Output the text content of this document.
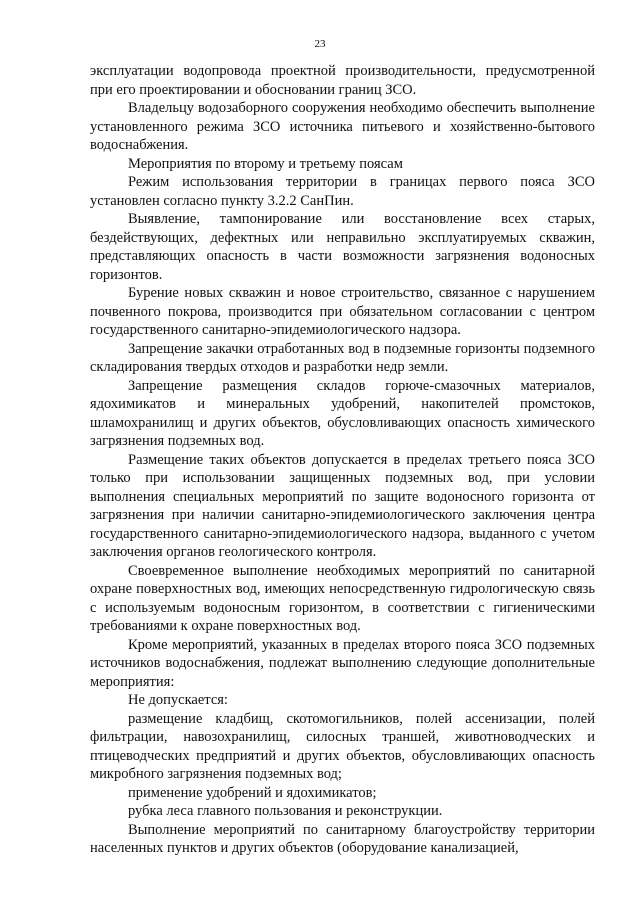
23

эксплуатации водопровода проектной производительности, предусмотренной при его проектировании и обосновании границ ЗСО.

Владельцу водозаборного сооружения необходимо обеспечить выполнение установленного режима ЗСО источника питьевого и хозяйственно-бытового водоснабжения.

Мероприятия по второму и третьему поясам

Режим использования территории в границах первого пояса ЗСО установлен согласно пункту 3.2.2 СанПин.

Выявление, тампонирование или восстановление всех старых, бездействующих, дефектных или неправильно эксплуатируемых скважин, представляющих опасность в части возможности загрязнения водоносных горизонтов.

Бурение новых скважин и новое строительство, связанное с нарушением почвенного покрова, производится при обязательном согласовании с центром государственного санитарно-эпидемиологического надзора.

Запрещение закачки отработанных вод в подземные горизонты подземного складирования твердых отходов и разработки недр земли.

Запрещение размещения складов горюче-смазочных материалов, ядохимикатов и минеральных удобрений, накопителей промстоков, шламохранилищ и других объектов, обусловливающих опасность химического загрязнения подземных вод.

Размещение таких объектов допускается в пределах третьего пояса ЗСО только при использовании защищенных подземных вод, при условии выполнения специальных мероприятий по защите водоносного горизонта от загрязнения при наличии санитарно-эпидемиологического заключения центра государственного санитарно-эпидемиологического надзора, выданного с учетом заключения органов геологического контроля.

Своевременное выполнение необходимых мероприятий по санитарной охране поверхностных вод, имеющих непосредственную гидрологическую связь с используемым водоносным горизонтом, в соответствии с гигиеническими требованиями к охране поверхностных вод.

Кроме мероприятий, указанных в пределах второго пояса ЗСО подземных источников водоснабжения, подлежат выполнению следующие дополнительные мероприятия:

Не допускается:

размещение кладбищ, скотомогильников, полей ассенизации, полей фильтрации, навозохранилищ, силосных траншей, животноводческих и птицеводческих предприятий и других объектов, обусловливающих опасность микробного загрязнения подземных вод;

применение удобрений и ядохимикатов;

рубка леса главного пользования и реконструкции.

Выполнение мероприятий по санитарному благоустройству территории населенных пунктов и других объектов (оборудование канализацией,
